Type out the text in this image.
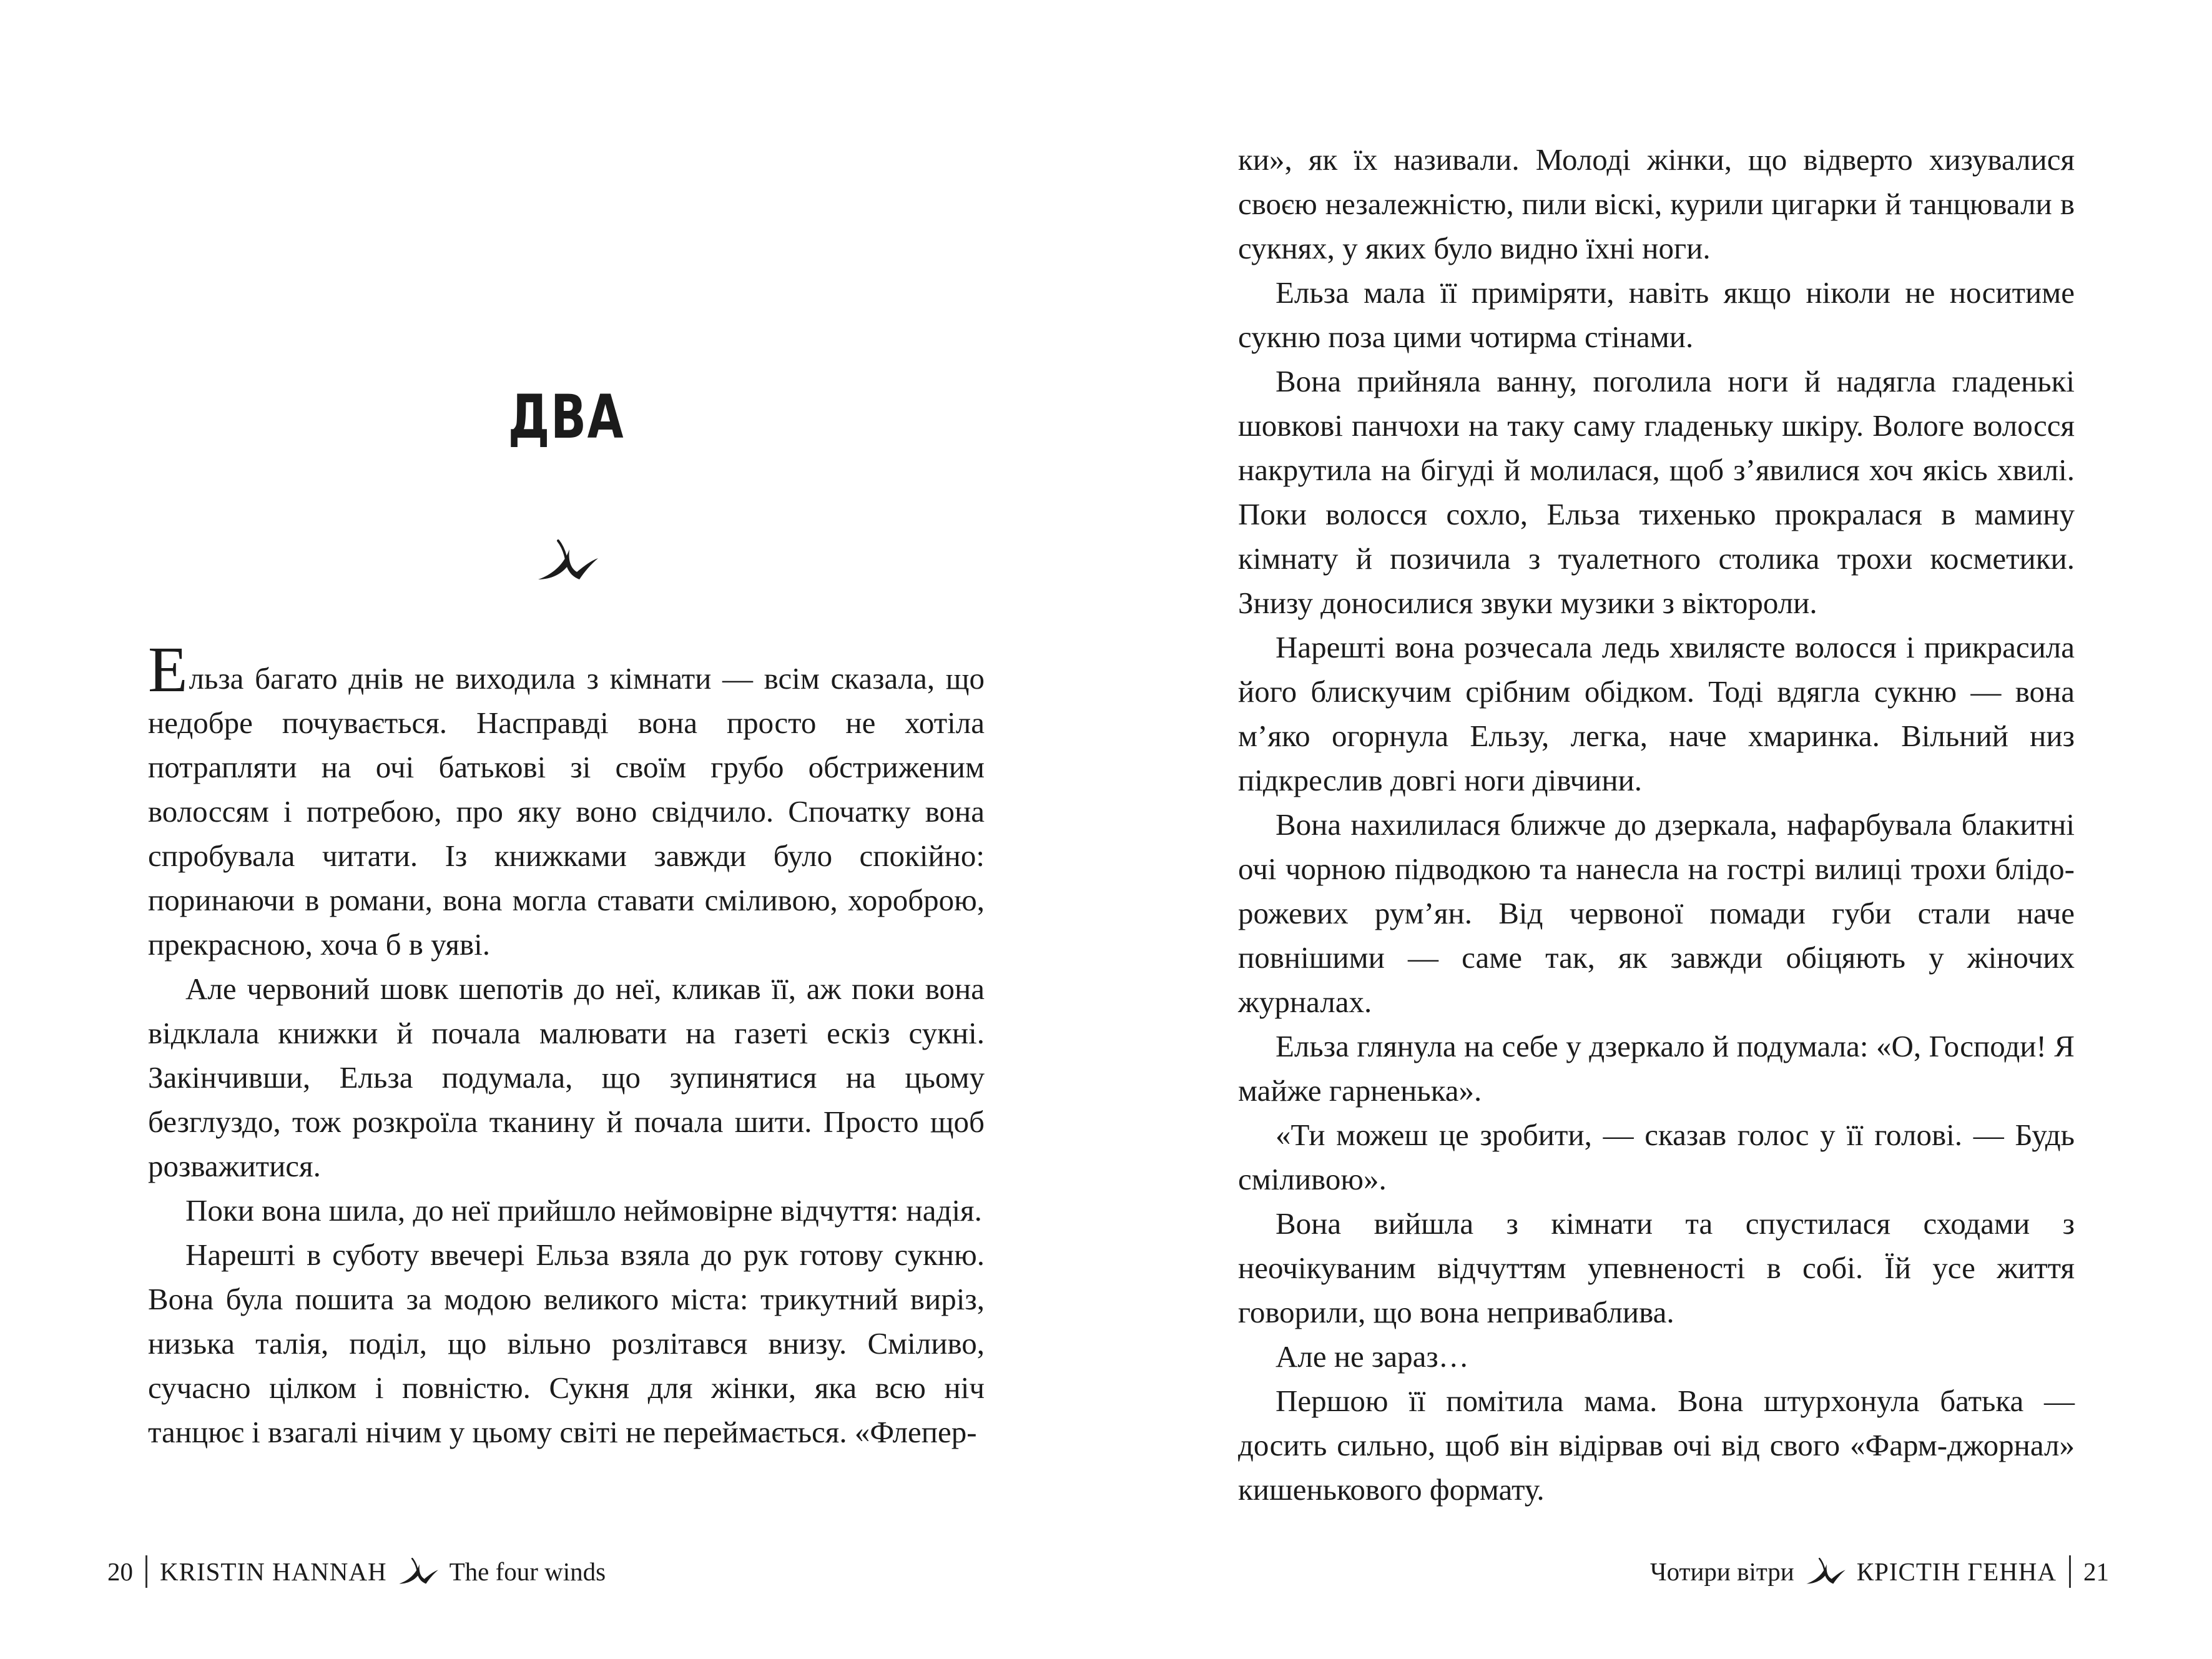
ДВА

Ельза багато днів не виходила з кімнати — всім сказала, що недобре почувається. Насправді вона просто не хотіла потрапляти на очі батькові зі своїм грубо обстриженим волоссям і потребою, про яку воно свідчило. Спочатку вона спробувала читати. Із книжками завжди було спокійно: поринаючи в романи, вона могла ставати сміливою, хороброю, прекрасною, хоча б в уяві.

Але червоний шовк шепотів до неї, кликав її, аж поки вона відклала книжки й почала малювати на газеті ескіз сукні. Закінчивши, Ельза подумала, що зупинятися на цьому безглуздо, тож розкроїла тканину й почала шити. Просто щоб розважитися.

Поки вона шила, до неї прийшло неймовірне відчуття: надія.

Нарешті в суботу ввечері Ельза взяла до рук готову сукню. Вона була пошита за модою великого міста: трикутний виріз, низька талія, поділ, що вільно розлітався внизу. Сміливо, сучасно цілком і повністю. Сукня для жінки, яка всю ніч танцює і взагалі нічим у цьому світі не переймається. «Флепер-

20 KRISTIN HANNAH The four winds

ки», як їх називали. Молоді жінки, що відверто хизувалися своєю незалежністю, пили віскі, курили цигарки й танцювали в сукнях, у яких було видно їхні ноги.

Ельза мала її приміряти, навіть якщо ніколи не носитиме сукню поза цими чотирма стінами.

Вона прийняла ванну, поголила ноги й надягла гладенькі шовкові панчохи на таку саму гладеньку шкіру. Вологе волосся накрутила на бігуді й молилася, щоб з’явилися хоч якісь хвилі. Поки волосся сохло, Ельза тихенько прокралася в мамину кімнату й позичила з туалетного столика трохи косметики. Знизу доносилися звуки музики з віктороли.

Нарешті вона розчесала ледь хвилясте волосся і прикрасила його блискучим срібним обідком. Тоді вдягла сукню — вона м’яко огорнула Ельзу, легка, наче хмаринка. Вільний низ підкреслив довгі ноги дівчини.

Вона нахилилася ближче до дзеркала, нафарбувала блакитні очі чорною підводкою та нанесла на гострі вилиці трохи блідо-рожевих рум’ян. Від червоної помади губи стали наче повнішими — саме так, як завжди обіцяють у жіночих журналах.

Ельза глянула на себе у дзеркало й подумала: «О, Господи! Я майже гарненька».

«Ти можеш це зробити, — сказав голос у її голові. — Будь сміливою».

Вона вийшла з кімнати та спустилася сходами з неочікуваним відчуттям упевненості в собі. Їй усе життя говорили, що вона неприваблива.

Але не зараз…

Першою її помітила мама. Вона штурхонула батька — досить сильно, щоб він відірвав очі від свого «Фарм-джорнал» кишенькового формату.

Чотири вітри КРІСТІН ГЕННА 21
